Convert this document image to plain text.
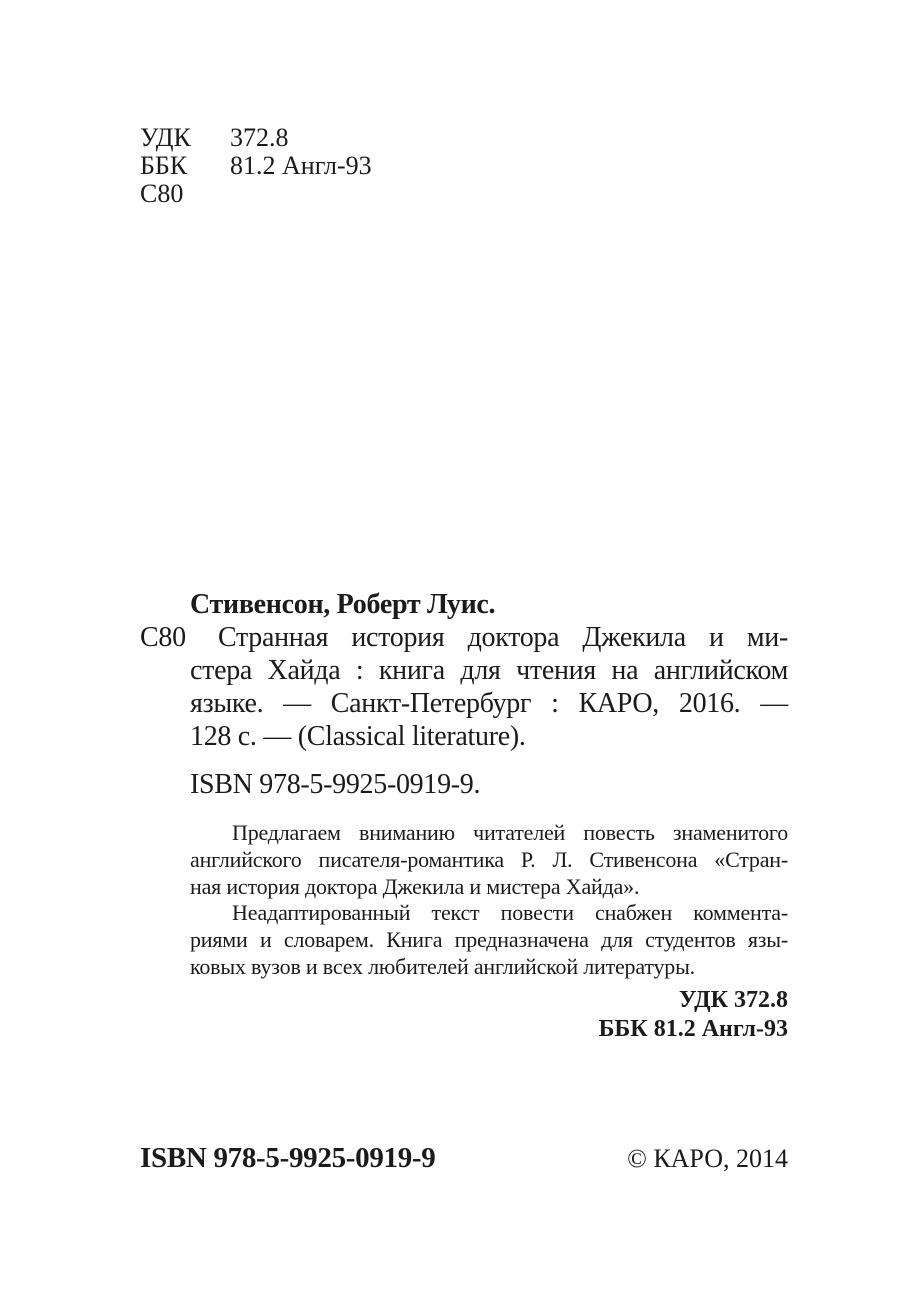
УДК 372.8
ББК 81.2 Англ-93
С80
Стивенсон, Роберт Луис.
С80 Странная история доктора Джекила и ми-
стера Хайда : книга для чтения на английском
языке. — Санкт-Петербург : КАРО, 2016. —
128 с. — (Classical literature).
ISBN 978-5-9925-0919-9.
Предлагаем вниманию читателей повесть знаменитого
английского писателя-романтика Р. Л. Стивенсона «Стран-
ная история доктора Джекила и мистера Хайда».
Неадаптированный текст повести снабжен коммента-
риями и словарем. Книга предназначена для студентов язы-
ковых вузов и всех любителей английской литературы.
УДК 372.8
ББК 81.2 Англ-93
ISBN 978-5-9925-0919-9	© КАРО, 2014
